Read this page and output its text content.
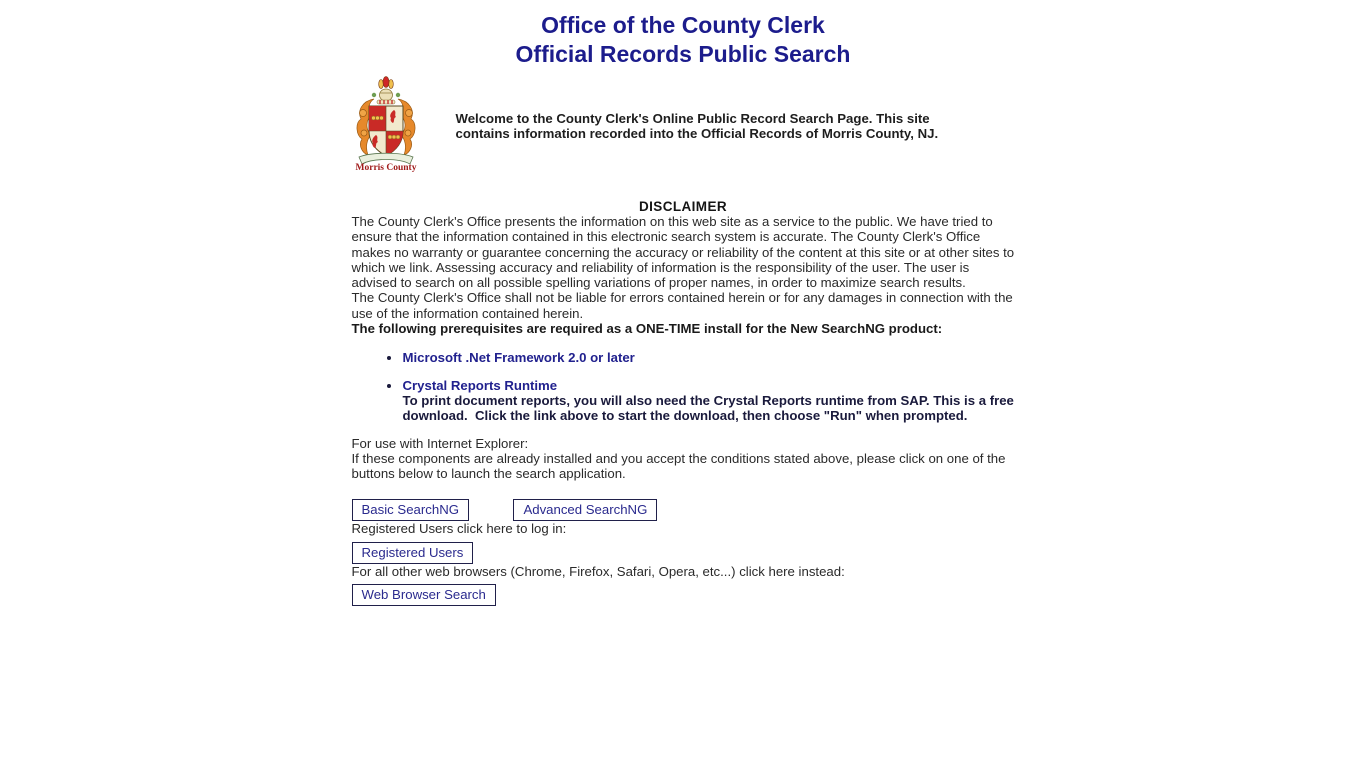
Office of the County Clerk
Official Records Public Search
Morris County
Welcome to the County Clerk's Online Public Record Search Page. This site contains information recorded into the Official Records of Morris County, NJ.
DISCLAIMER

The County Clerk's Office presents the information on this web site as a service to the public. We have tried to ensure that the information contained in this electronic search system is accurate. The County Clerk's Office makes no warranty or guarantee concerning the accuracy or reliability of the content at this site or at other sites to which we link. Assessing accuracy and reliability of information is the responsibility of the user. The user is advised to search on all possible spelling variations of proper names, in order to maximize search results.

The County Clerk's Office shall not be liable for errors contained herein or for any damages in connection with the use of the information contained herein.

The following prerequisites are required as a ONE-TIME install for the New SearchNG product:

• Microsoft .Net Framework 2.0 or later
• Crystal Reports Runtime
To print document reports, you will also need the Crystal Reports runtime from SAP. This is a free download.  Click the link above to start the download, then choose "Run" when prompted.

For use with Internet Explorer:
If these components are already installed and you accept the conditions stated above, please click on one of the buttons below to launch the search application.

Basic SearchNG	Advanced SearchNG

Registered Users click here to log in:

Registered Users

For all other web browsers (Chrome, Firefox, Safari, Opera, etc...) click here instead:

Web Browser Search
